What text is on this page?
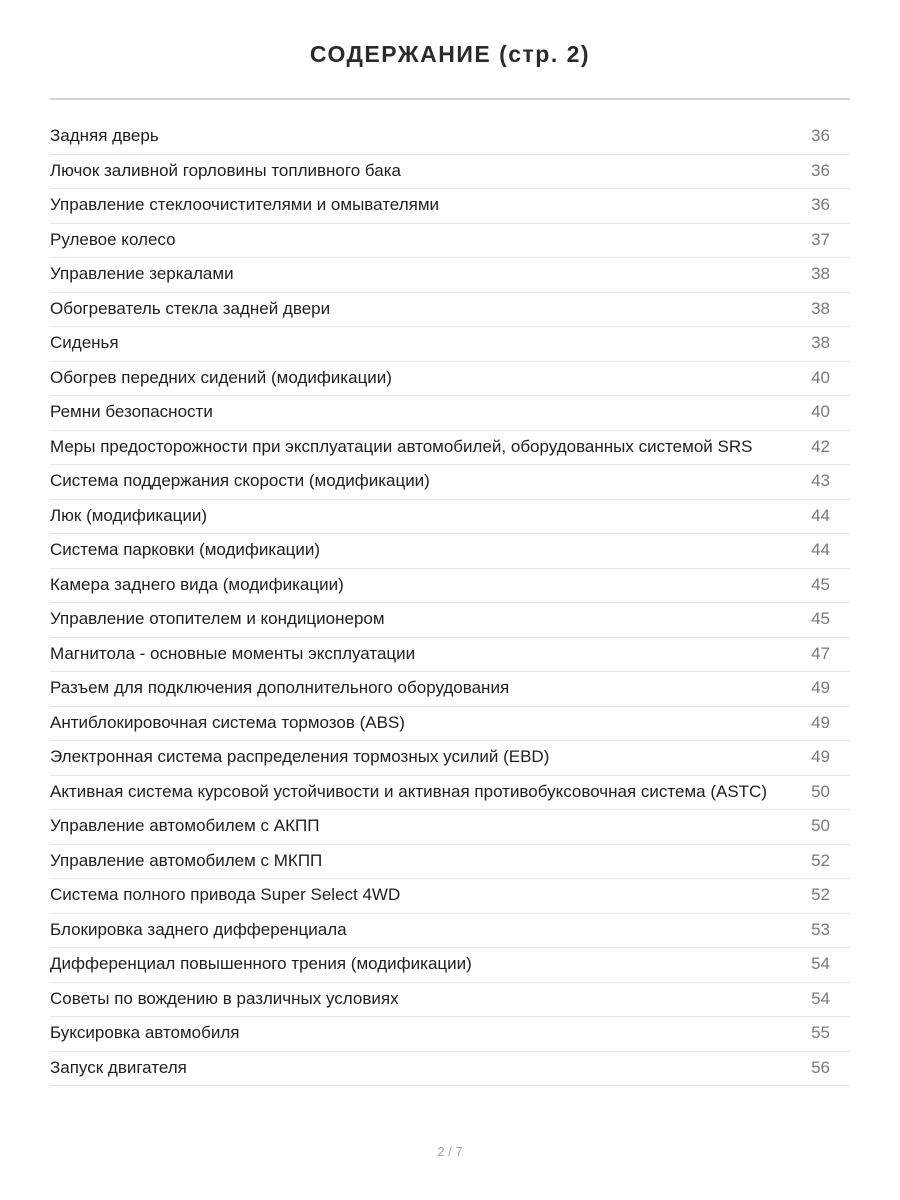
СОДЕРЖАНИЕ (стр. 2)
Задняя дверь	36
Лючок заливной горловины топливного бака	36
Управление стеклоочистителями и омывателями	36
Рулевое колесо	37
Управление зеркалами	38
Обогреватель стекла задней двери	38
Сиденья	38
Обогрев передних сидений (модификации)	40
Ремни безопасности	40
Меры предосторожности при эксплуатации автомобилей, оборудованных системой SRS	42
Система поддержания скорости (модификации)	43
Люк (модификации)	44
Система парковки (модификации)	44
Камера заднего вида (модификации)	45
Управление отопителем и кондиционером	45
Магнитола - основные моменты эксплуатации	47
Разъем для подключения дополнительного оборудования	49
Антиблокировочная система тормозов (ABS)	49
Электронная система распределения тормозных усилий (EBD)	49
Активная система курсовой устойчивости и активная противобуксовочная система (ASTC)	50
Управление автомобилем с АКПП	50
Управление автомобилем с МКПП	52
Система полного привода Super Select 4WD	52
Блокировка заднего дифференциала	53
Дифференциал повышенного трения (модификации)	54
Советы по вождению в различных условиях	54
Буксировка автомобиля	55
Запуск двигателя	56
2 / 7
